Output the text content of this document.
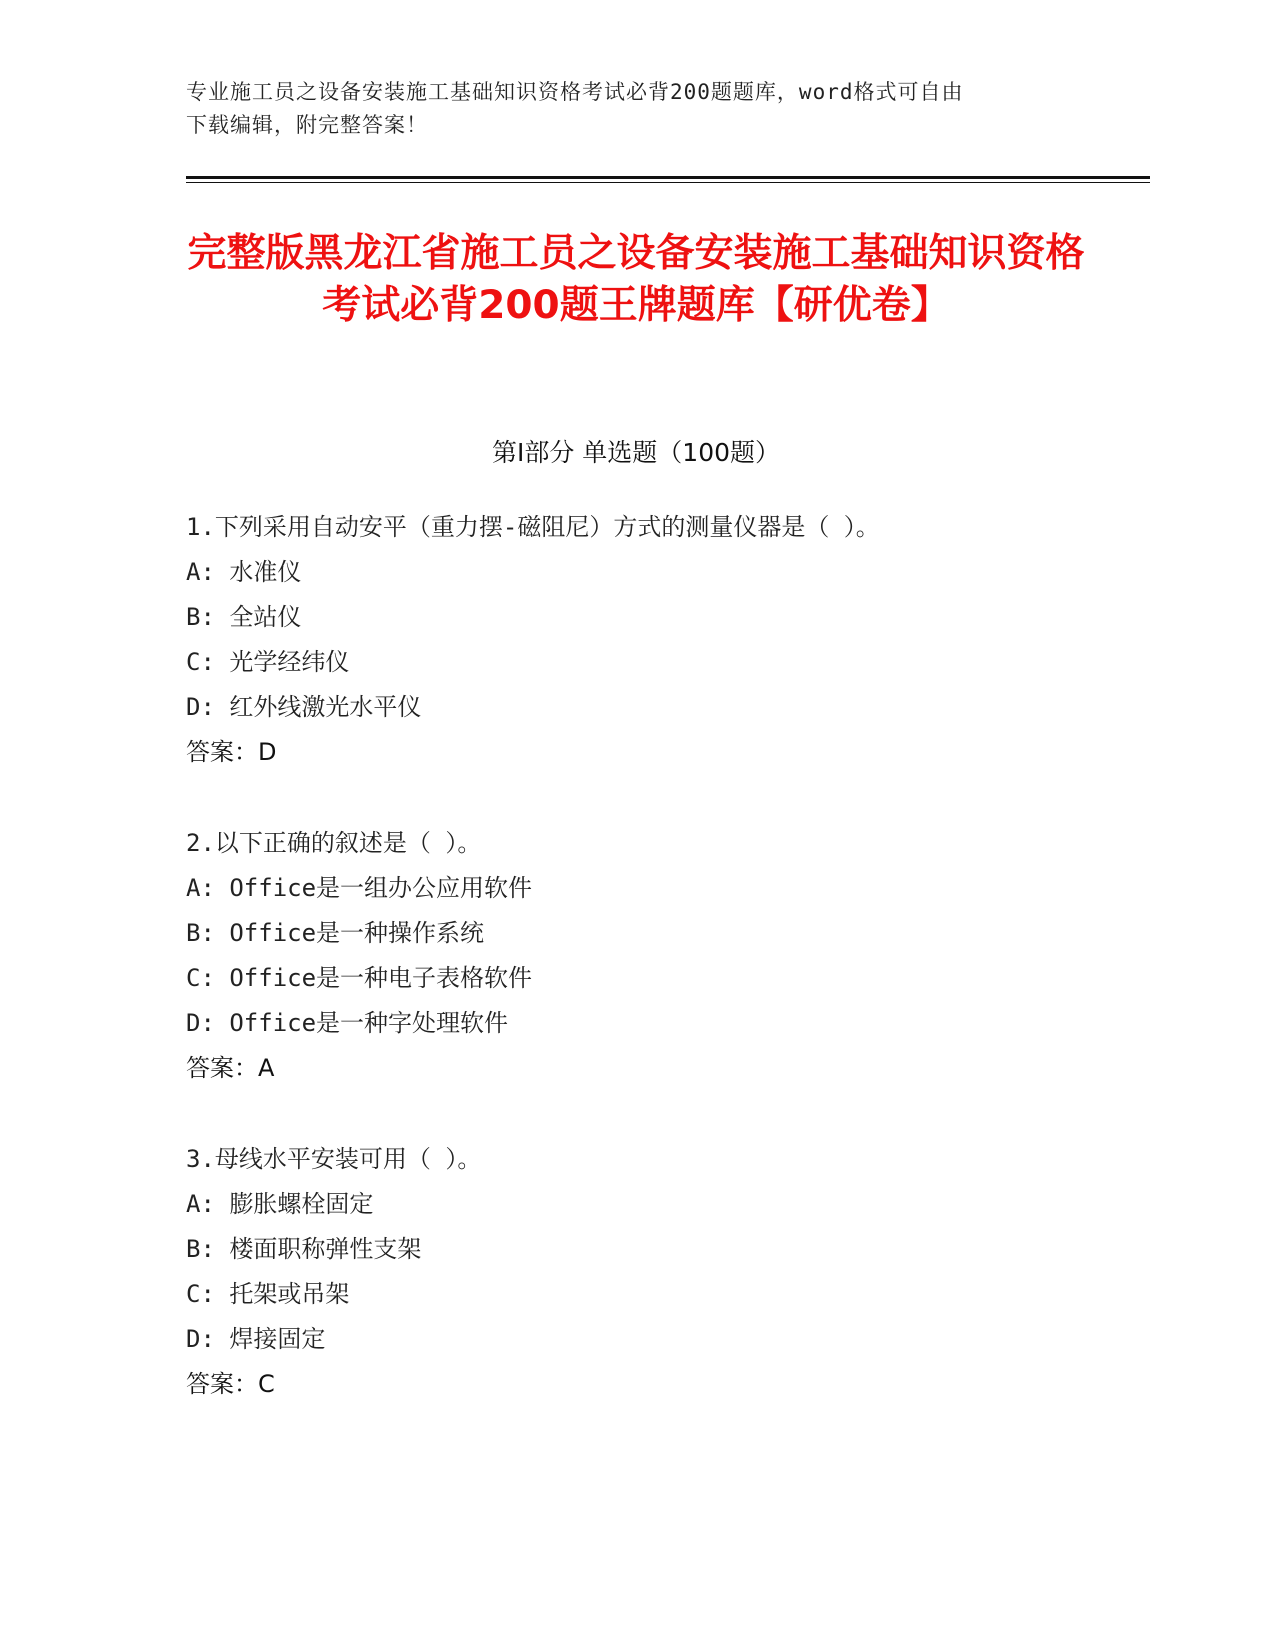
专业施工员之设备安装施工基础知识资格考试必背200题题库，word格式可自由
下载编辑，附完整答案！
完整版黑龙江省施工员之设备安装施工基础知识资格考试必背200题王牌题库【研优卷】
第Ⅰ部分 单选题（100题）
1.下列采用自动安平（重力摆-磁阻尼）方式的测量仪器是（ ）。
A: 水准仪
B: 全站仪
C: 光学经纬仪
D: 红外线激光水平仪
答案：D
2.以下正确的叙述是（ ）。
A: Office是一组办公应用软件
B: Office是一种操作系统
C: Office是一种电子表格软件
D: Office是一种字处理软件
答案：A
3.母线水平安装可用（ ）。
A: 膨胀螺栓固定
B: 楼面职称弹性支架
C: 托架或吊架
D: 焊接固定
答案：C
